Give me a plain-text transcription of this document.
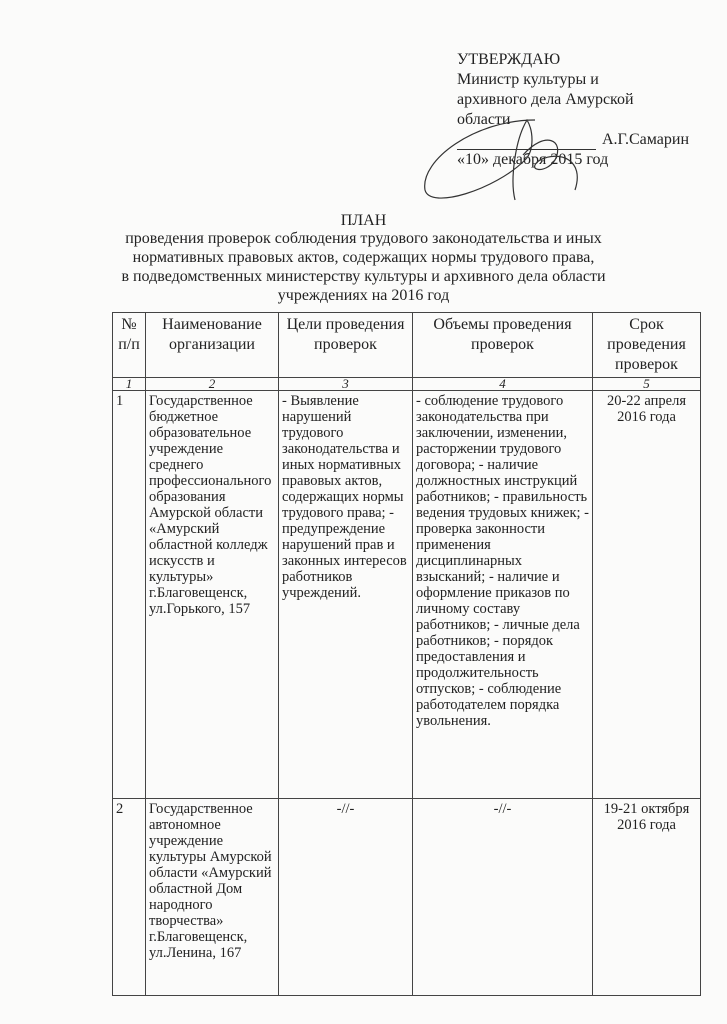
УТВЕРЖДАЮ
Министр культуры и
архивного дела Амурской
области
А.Г.Самарин
«10» декабря 2015 год
ПЛАН
проведения проверок соблюдения трудового законодательства и иных
нормативных правовых актов, содержащих нормы трудового права,
в подведомственных министерству культуры и архивного дела области
учреждениях на 2016 год
№ п/п	Наименование организации	Цели проведения проверок	Объемы проведения проверок	Срок проведения проверок
1	2	3	4	5
1	Государственное бюджетное образовательное учреждение среднего профессионального образования Амурской области «Амурский областной колледж искусств и культуры» г.Благовещенск, ул.Горького, 157	- Выявление нарушений трудового законодательства и иных нормативных правовых актов, содержащих нормы трудового права; - предупреждение нарушений прав и законных интересов работников учреждений.	- соблюдение трудового законодательства при заключении, изменении, расторжении трудового договора; - наличие должностных инструкций работников; - правильность ведения трудовых книжек; - проверка законности применения дисциплинарных взысканий; - наличие и оформление приказов по личному составу работников; - личные дела работников; - порядок предоставления и продолжительность отпусков; - соблюдение работодателем порядка увольнения.	20-22 апреля 2016 года
2	Государственное автономное учреждение культуры Амурской области «Амурский областной Дом народного творчества» г.Благовещенск, ул.Ленина, 167	-//-	-//-	19-21 октября 2016 года
